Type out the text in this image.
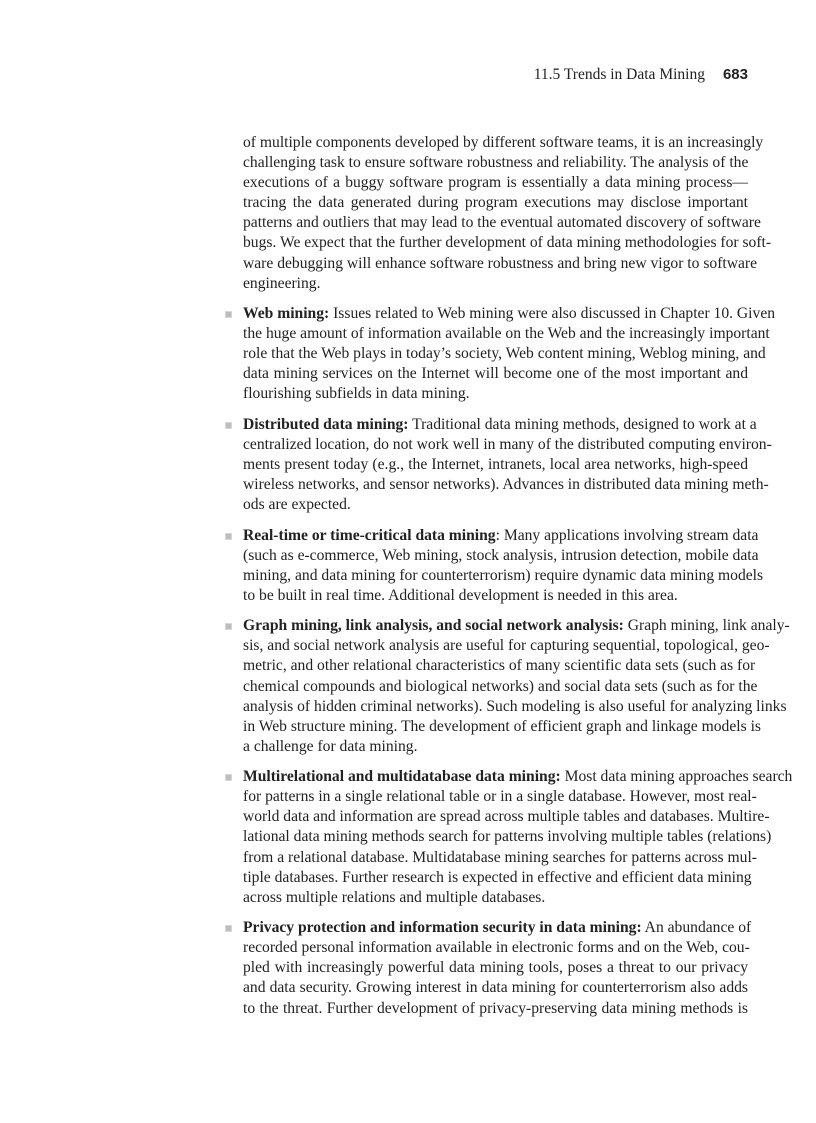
11.5 Trends in Data Mining 683
of multiple components developed by different software teams, it is an increasingly
challenging task to ensure software robustness and reliability. The analysis of the
executions of a buggy software program is essentially a data mining process—
tracing the data generated during program executions may disclose important
patterns and outliers that may lead to the eventual automated discovery of software
bugs. We expect that the further development of data mining methodologies for soft-
ware debugging will enhance software robustness and bring new vigor to software
engineering.
Web mining: Issues related to Web mining were also discussed in Chapter 10. Given
the huge amount of information available on the Web and the increasingly important
role that the Web plays in today’s society, Web content mining, Weblog mining, and
data mining services on the Internet will become one of the most important and
flourishing subfields in data mining.
Distributed data mining: Traditional data mining methods, designed to work at a
centralized location, do not work well in many of the distributed computing environ-
ments present today (e.g., the Internet, intranets, local area networks, high-speed
wireless networks, and sensor networks). Advances in distributed data mining meth-
ods are expected.
Real-time or time-critical data mining: Many applications involving stream data
(such as e-commerce, Web mining, stock analysis, intrusion detection, mobile data
mining, and data mining for counterterrorism) require dynamic data mining models
to be built in real time. Additional development is needed in this area.
Graph mining, link analysis, and social network analysis: Graph mining, link analy-
sis, and social network analysis are useful for capturing sequential, topological, geo-
metric, and other relational characteristics of many scientific data sets (such as for
chemical compounds and biological networks) and social data sets (such as for the
analysis of hidden criminal networks). Such modeling is also useful for analyzing links
in Web structure mining. The development of efficient graph and linkage models is
a challenge for data mining.
Multirelational and multidatabase data mining: Most data mining approaches search
for patterns in a single relational table or in a single database. However, most real-
world data and information are spread across multiple tables and databases. Multire-
lational data mining methods search for patterns involving multiple tables (relations)
from a relational database. Multidatabase mining searches for patterns across mul-
tiple databases. Further research is expected in effective and efficient data mining
across multiple relations and multiple databases.
Privacy protection and information security in data mining: An abundance of
recorded personal information available in electronic forms and on the Web, cou-
pled with increasingly powerful data mining tools, poses a threat to our privacy
and data security. Growing interest in data mining for counterterrorism also adds
to the threat. Further development of privacy-preserving data mining methods is
